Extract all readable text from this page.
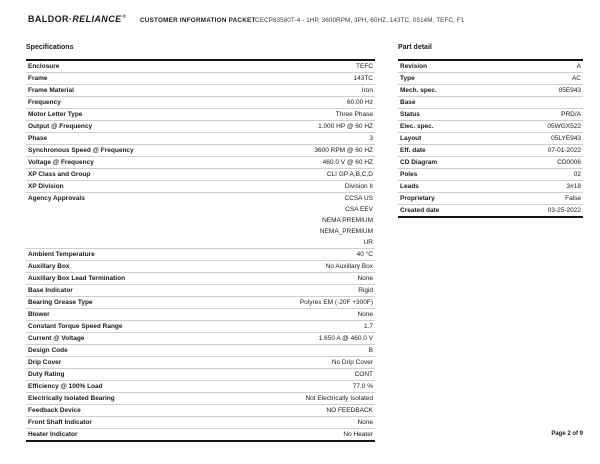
BALDOR·RELIANCE®
CUSTOMER INFORMATION PACKET CECP83580T-4 - 1HP, 3600RPM, 3PH, 60HZ, 143TC, 0514M, TEFC, F1
Specifications
Enclosure	TEFC
Frame	143TC
Frame Material	Iron
Frequency	60.00 Hz
Motor Letter Type	Three Phase
Output @ Frequency	1.000 HP @ 60 HZ
Phase	3
Synchronous Speed @ Frequency	3600 RPM @ 60 HZ
Voltage @ Frequency	460.0 V @ 60 HZ
XP Class and Group	CLI GP A,B,C,D
XP Division	Division II
Agency Approvals	CCSA US
CSA EEV
NEMA PREMIUM
NEMA_PREMIUM
UR
Ambient Temperature	40 °C
Auxillary Box	No Auxillary Box
Auxillary Box Lead Termination	None
Base Indicator	Rigid
Bearing Grease Type	Polyrex EM (-20F +300F)
Blower	None
Constant Torque Speed Range	1.7
Current @ Voltage	1.650 A @ 460.0 V
Design Code	B
Drip Cover	No Drip Cover
Duty Rating	CONT
Efficiency @ 100% Load	77.0 %
Electrically Isolated Bearing	Not Electrically Isolated
Feedback Device	NO FEEDBACK
Front Shaft Indicator	None
Heater Indicator	No Heater
Part detail
Revision	A
Type	AC
Mech. spec.	05E943
Base
Status	PRD/A
Elec. spec.	05WGX522
Layout	05LYE943
Eff. date	07-01-2022
CD Diagram	CD0006
Poles	02
Leads	3#18
Proprietary	False
Created date	03-25-2022
Page 2 of 9
